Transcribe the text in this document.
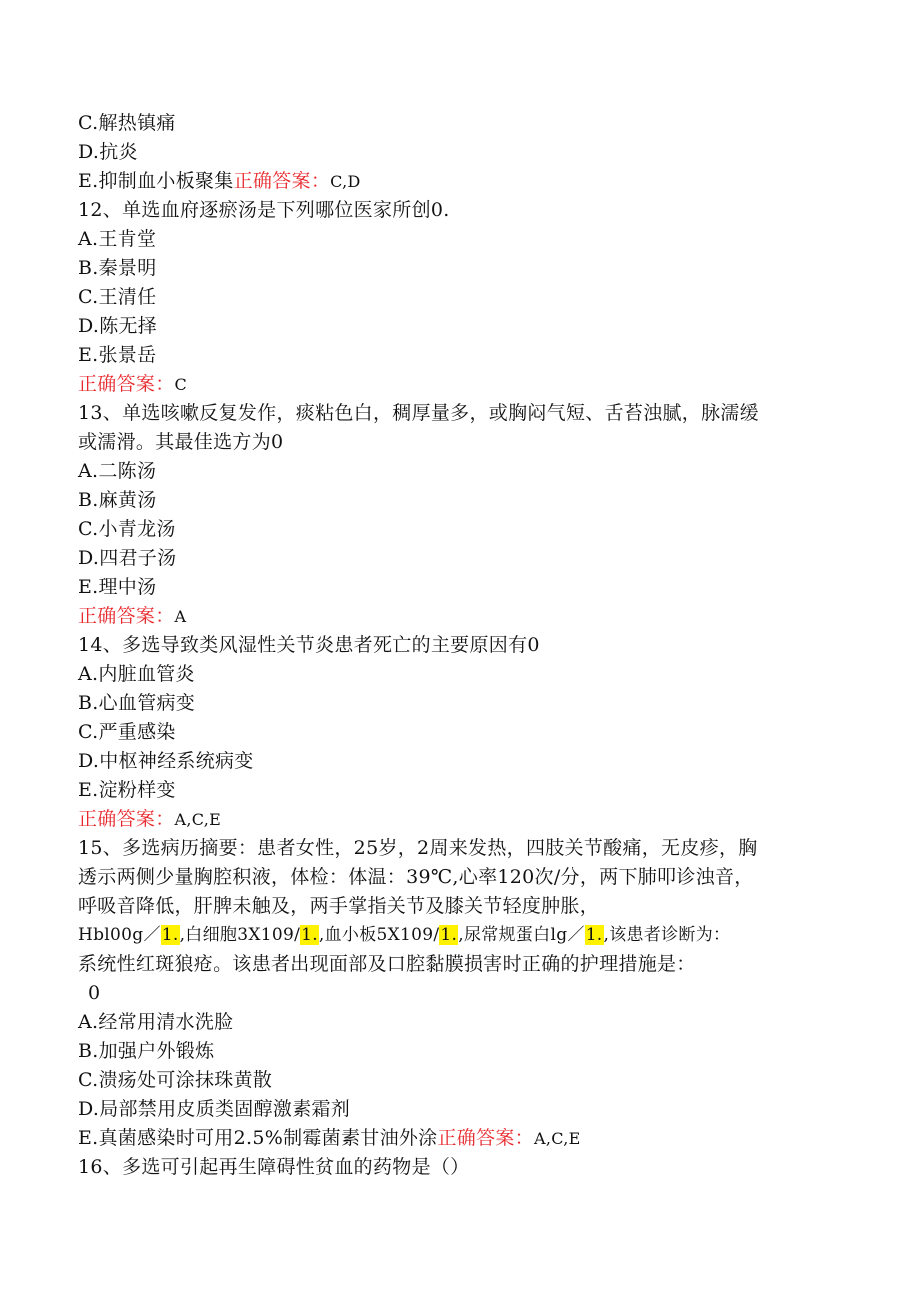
C.解热镇痛
D.抗炎
E.抑制血小板聚集正确答案：C,D
12、单选血府逐瘀汤是下列哪位医家所创0.
A.王肯堂
B.秦景明
C.王清任
D.陈无择
E.张景岳
正确答案：C
13、单选咳嗽反复发作，痰粘色白，稠厚量多，或胸闷气短、舌苔浊腻，脉濡缓
或濡滑。其最佳选方为0
A.二陈汤
B.麻黄汤
C.小青龙汤
D.四君子汤
E.理中汤
正确答案：A
14、多选导致类风湿性关节炎患者死亡的主要原因有0
A.内脏血管炎
B.心血管病变
C.严重感染
D.中枢神经系统病变
E.淀粉样变
正确答案：A,C,E
15、多选病历摘要：患者女性，25岁，2周来发热，四肢关节酸痛，无皮疹，胸
透示两侧少量胸腔积液，体检：体温：39℃,心率120次/分，两下肺叩诊浊音，
呼吸音降低，肝脾未触及，两手掌指关节及膝关节轻度肿胀，
Hbl00g／1.,白细胞3X109/1.,血小板5X109/1.,尿常规蛋白lg／1.,该患者诊断为：
系统性红斑狼疮。该患者出现面部及口腔黏膜损害时正确的护理措施是：
0
A.经常用清水洗脸
B.加强户外锻炼
C.溃疡处可涂抹珠黄散
D.局部禁用皮质类固醇激素霜剂
E.真菌感染时可用2.5%制霉菌素甘油外涂正确答案：A,C,E
16、多选可引起再生障碍性贫血的药物是（）
